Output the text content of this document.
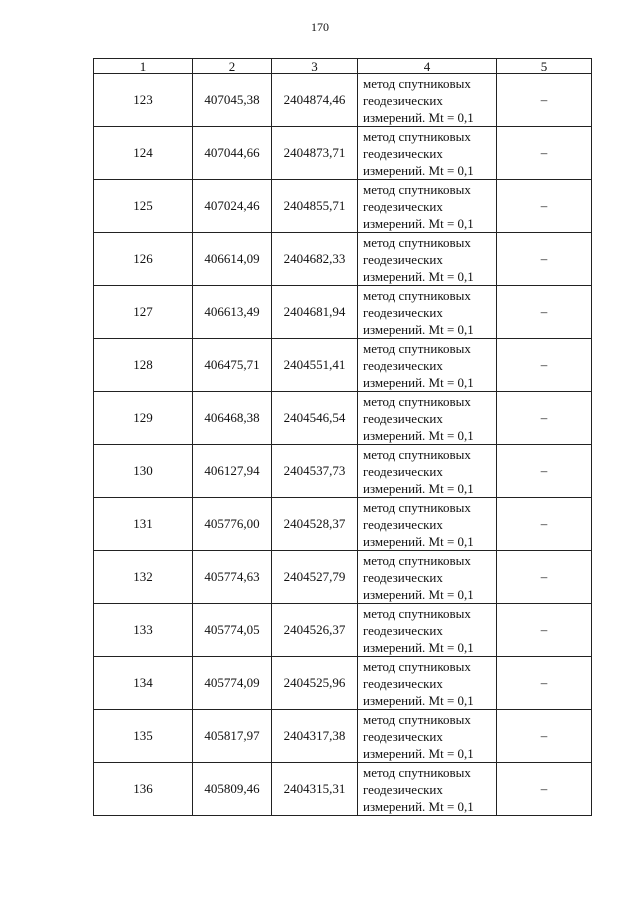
170
1	2	3	4	5
123	407045,38	2404874,46	метод спутниковых
геодезических
измерений. Mt = 0,1	–
124	407044,66	2404873,71	метод спутниковых
геодезических
измерений. Mt = 0,1	–
125	407024,46	2404855,71	метод спутниковых
геодезических
измерений. Mt = 0,1	–
126	406614,09	2404682,33	метод спутниковых
геодезических
измерений. Mt = 0,1	–
127	406613,49	2404681,94	метод спутниковых
геодезических
измерений. Mt = 0,1	–
128	406475,71	2404551,41	метод спутниковых
геодезических
измерений. Mt = 0,1	–
129	406468,38	2404546,54	метод спутниковых
геодезических
измерений. Mt = 0,1	–
130	406127,94	2404537,73	метод спутниковых
геодезических
измерений. Mt = 0,1	–
131	405776,00	2404528,37	метод спутниковых
геодезических
измерений. Mt = 0,1	–
132	405774,63	2404527,79	метод спутниковых
геодезических
измерений. Mt = 0,1	–
133	405774,05	2404526,37	метод спутниковых
геодезических
измерений. Mt = 0,1	–
134	405774,09	2404525,96	метод спутниковых
геодезических
измерений. Mt = 0,1	–
135	405817,97	2404317,38	метод спутниковых
геодезических
измерений. Mt = 0,1	–
136	405809,46	2404315,31	метод спутниковых
геодезических
измерений. Mt = 0,1	–
